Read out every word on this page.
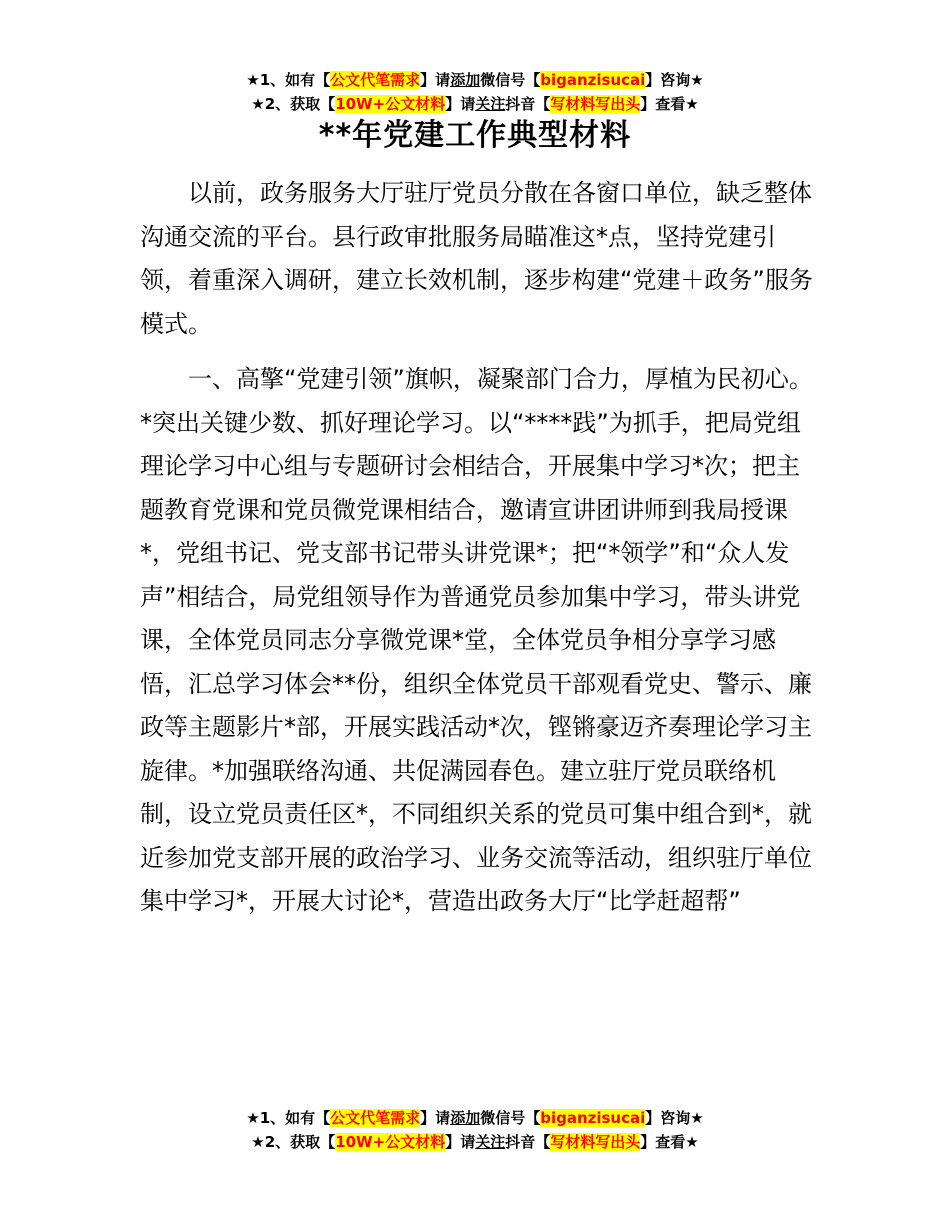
★1、如有【公文代笔需求】请添加微信号【biganzisucai】咨询★
★2、获取【10W+公文材料】请关注抖音【写材料写出头】查看★
**年党建工作典型材料

以前，政务服务大厅驻厅党员分散在各窗口单位，缺乏整体沟通交流的平台。县行政审批服务局瞄准这*点，坚持党建引领，着重深入调研，建立长效机制，逐步构建“党建＋政务”服务模式。

一、高擎“党建引领”旗帜，凝聚部门合力，厚植为民初心。*突出关键少数、抓好理论学习。以“****践”为抓手，把局党组理论学习中心组与专题研讨会相结合，开展集中学习*次；把主题教育党课和党员微党课相结合，邀请宣讲团讲师到我局授课*，党组书记、党支部书记带头讲党课*；把“*领学”和“众人发声”相结合，局党组领导作为普通党员参加集中学习，带头讲党课，全体党员同志分享微党课*堂，全体党员争相分享学习感悟，汇总学习体会**份，组织全体党员干部观看党史、警示、廉政等主题影片*部，开展实践活动*次，铿锵豪迈齐奏理论学习主旋律。*加强联络沟通、共促满园春色。建立驻厅党员联络机制，设立党员责任区*，不同组织关系的党员可集中组合到*，就近参加党支部开展的政治学习、业务交流等活动，组织驻厅单位集中学习*，开展大讨论*，营造出政务大厅“比学赶超帮”

★1、如有【公文代笔需求】请添加微信号【biganzisucai】咨询★
★2、获取【10W+公文材料】请关注抖音【写材料写出头】查看★
